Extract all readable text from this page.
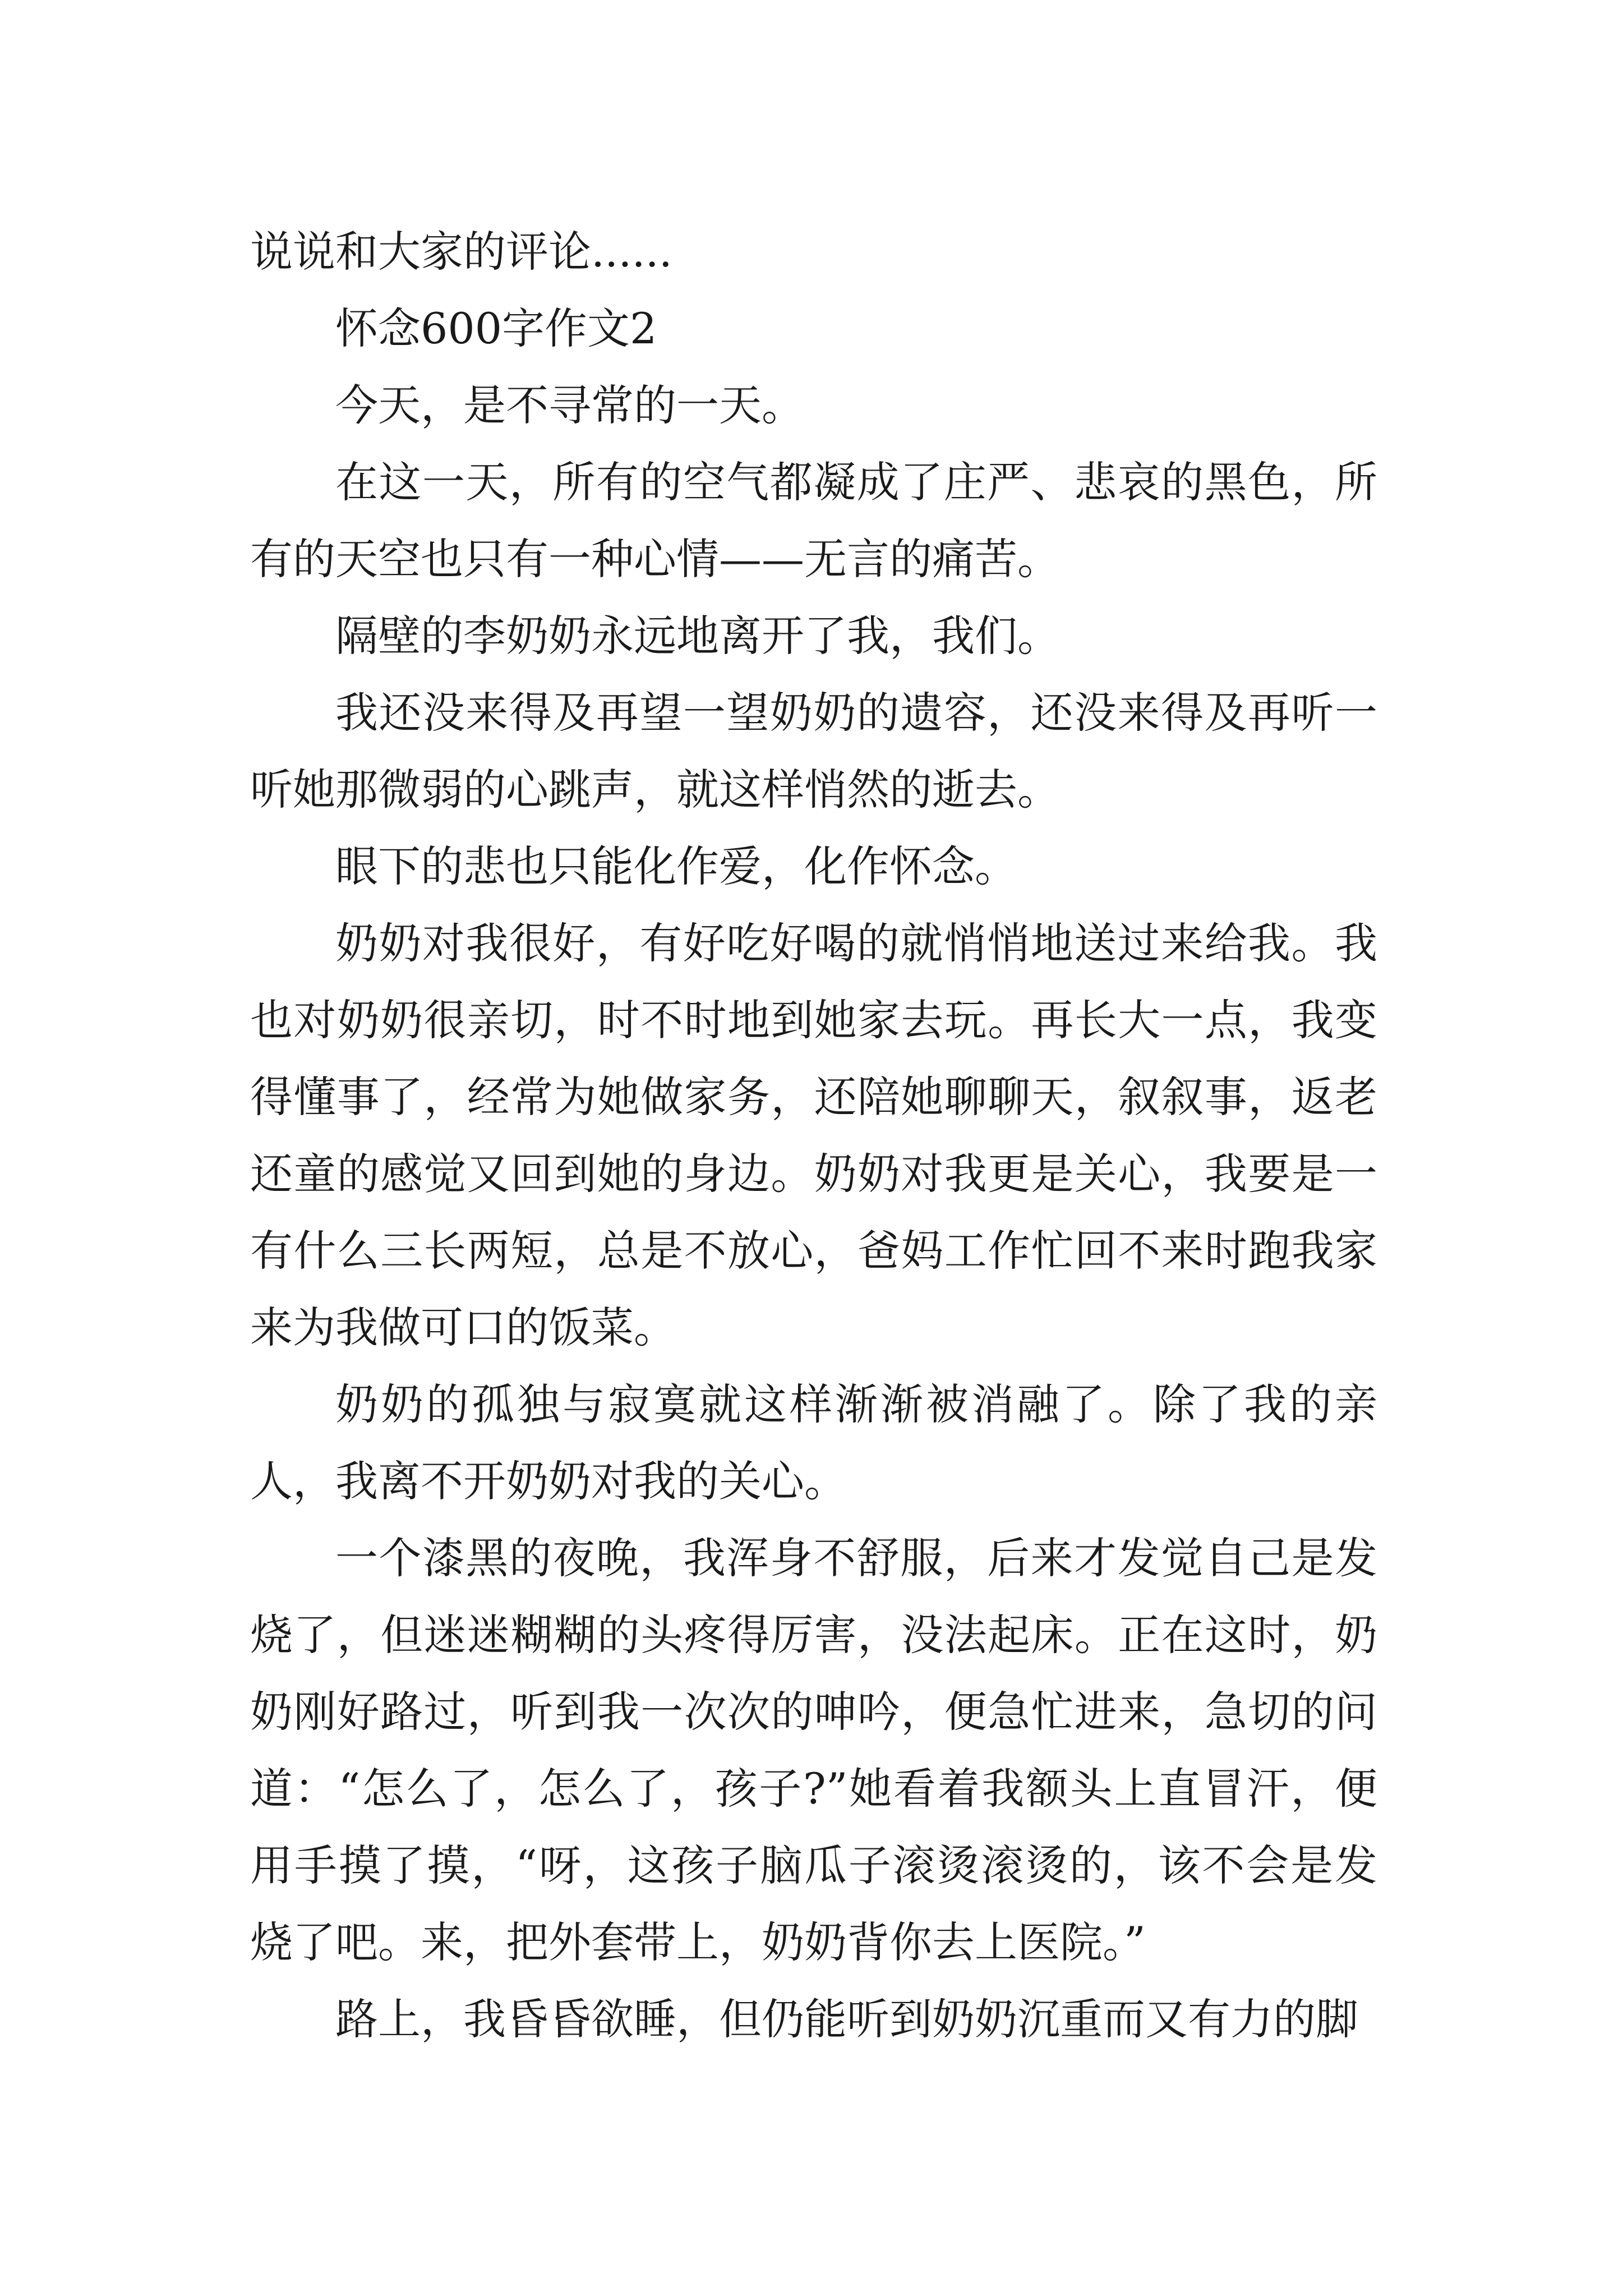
说说和大家的评论......

怀念600字作文2

今天，是不寻常的一天。

在这一天，所有的空气都凝成了庄严、悲哀的黑色，所有的天空也只有一种心情——无言的痛苦。

隔壁的李奶奶永远地离开了我，我们。

我还没来得及再望一望奶奶的遗容，还没来得及再听一听她那微弱的心跳声，就这样悄然的逝去。

眼下的悲也只能化作爱，化作怀念。

奶奶对我很好，有好吃好喝的就悄悄地送过来给我。我也对奶奶很亲切，时不时地到她家去玩。再长大一点，我变得懂事了，经常为她做家务，还陪她聊聊天，叙叙事，返老还童的感觉又回到她的身边。奶奶对我更是关心，我要是一有什么三长两短，总是不放心，爸妈工作忙回不来时跑我家来为我做可口的饭菜。

奶奶的孤独与寂寞就这样渐渐被消融了。除了我的亲人，我离不开奶奶对我的关心。

一个漆黑的夜晚，我浑身不舒服，后来才发觉自己是发烧了，但迷迷糊糊的头疼得厉害，没法起床。正在这时，奶奶刚好路过，听到我一次次的呻吟，便急忙进来，急切的问道：“怎么了，怎么了，孩子?”她看着我额头上直冒汗，便用手摸了摸，“呀，这孩子脑瓜子滚烫滚烫的，该不会是发烧了吧。来，把外套带上，奶奶背你去上医院。”

路上，我昏昏欲睡，但仍能听到奶奶沉重而又有力的脚
